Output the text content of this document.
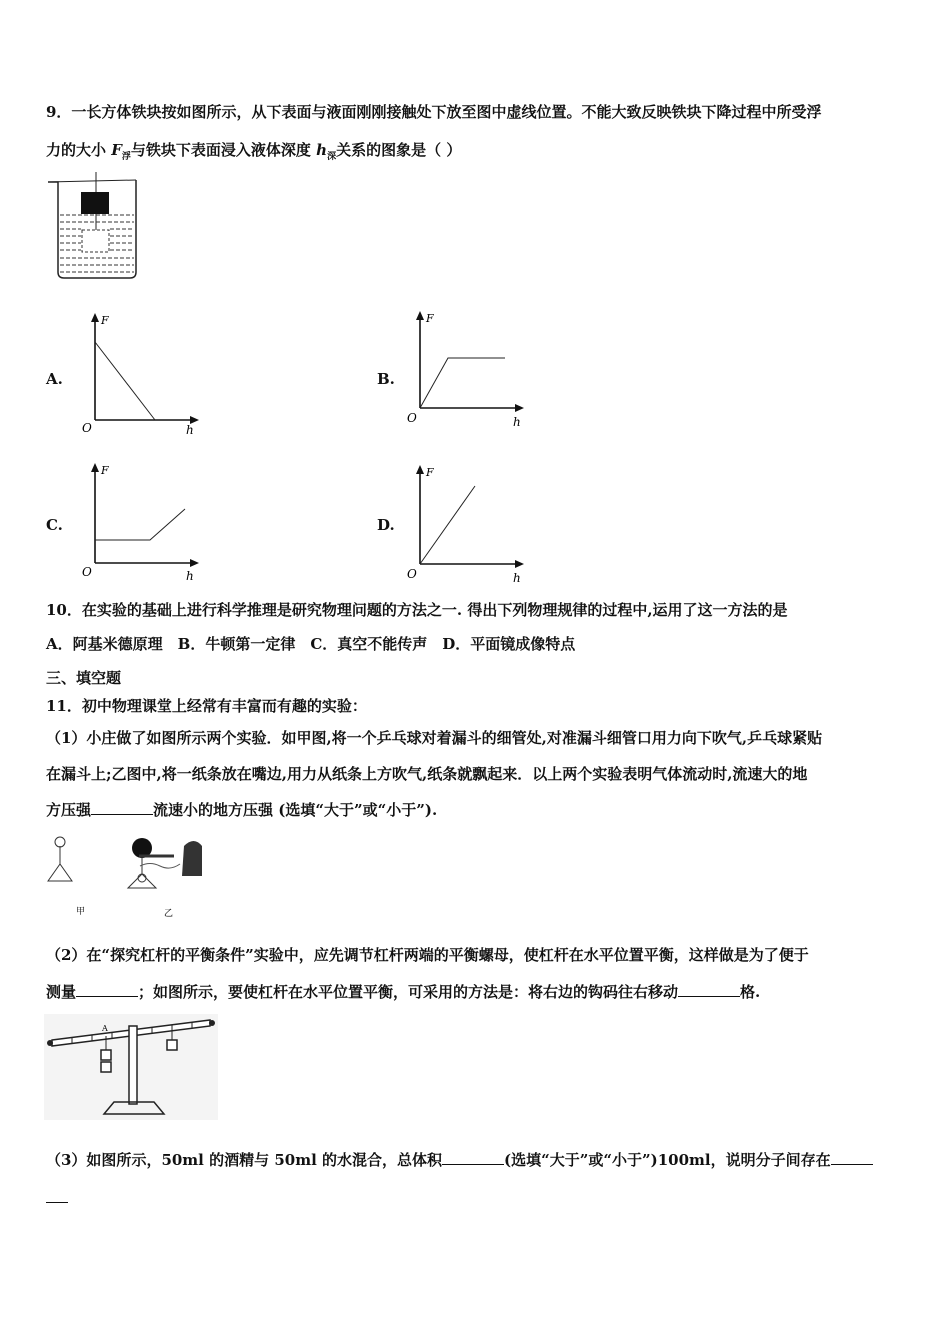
9．一长方体铁块按如图所示，从下表面与液面刚刚接触处下放至图中虚线位置。不能大致反映铁块下降过程中所受浮
力的大小 $F_浮$与铁块下表面浸入液体深度 $h_深$关系的图象是（ ）
A.	B.
C.	D.
F
O	h
F
O	h
F
O	h
F
O	h
10．在实验的基础上进行科学推理是研究物理问题的方法之一. 得出下列物理规律的过程中,运用了这一方法的是
A．阿基米德原理　B．牛顿第一定律　C．真空不能传声　D．平面镜成像特点
三、填空题
11．初中物理课堂上经常有丰富而有趣的实验：
（1）小庄做了如图所示两个实验．如甲图,将一个乒乓球对着漏斗的细管处,对准漏斗细管口用力向下吹气,乒乓球紧贴
在漏斗上;乙图中,将一纸条放在嘴边,用力从纸条上方吹气,纸条就飘起来．以上两个实验表明气体流动时,流速大的地
方压强	流速小的地方压强 (选填“大于”或“小于”).
甲	乙
（2）在“探究杠杆的平衡条件”实验中，应先调节杠杆两端的平衡螺母，使杠杆在水平位置平衡，这样做是为了便于
测量	；如图所示，要使杠杆在水平位置平衡，可采用的方法是：将右边的钩码往右移动	格.
A
（3）如图所示，50ml 的酒精与 50ml 的水混合，总体积	(选填“大于”或“小于”)100ml，说明分子间存在
